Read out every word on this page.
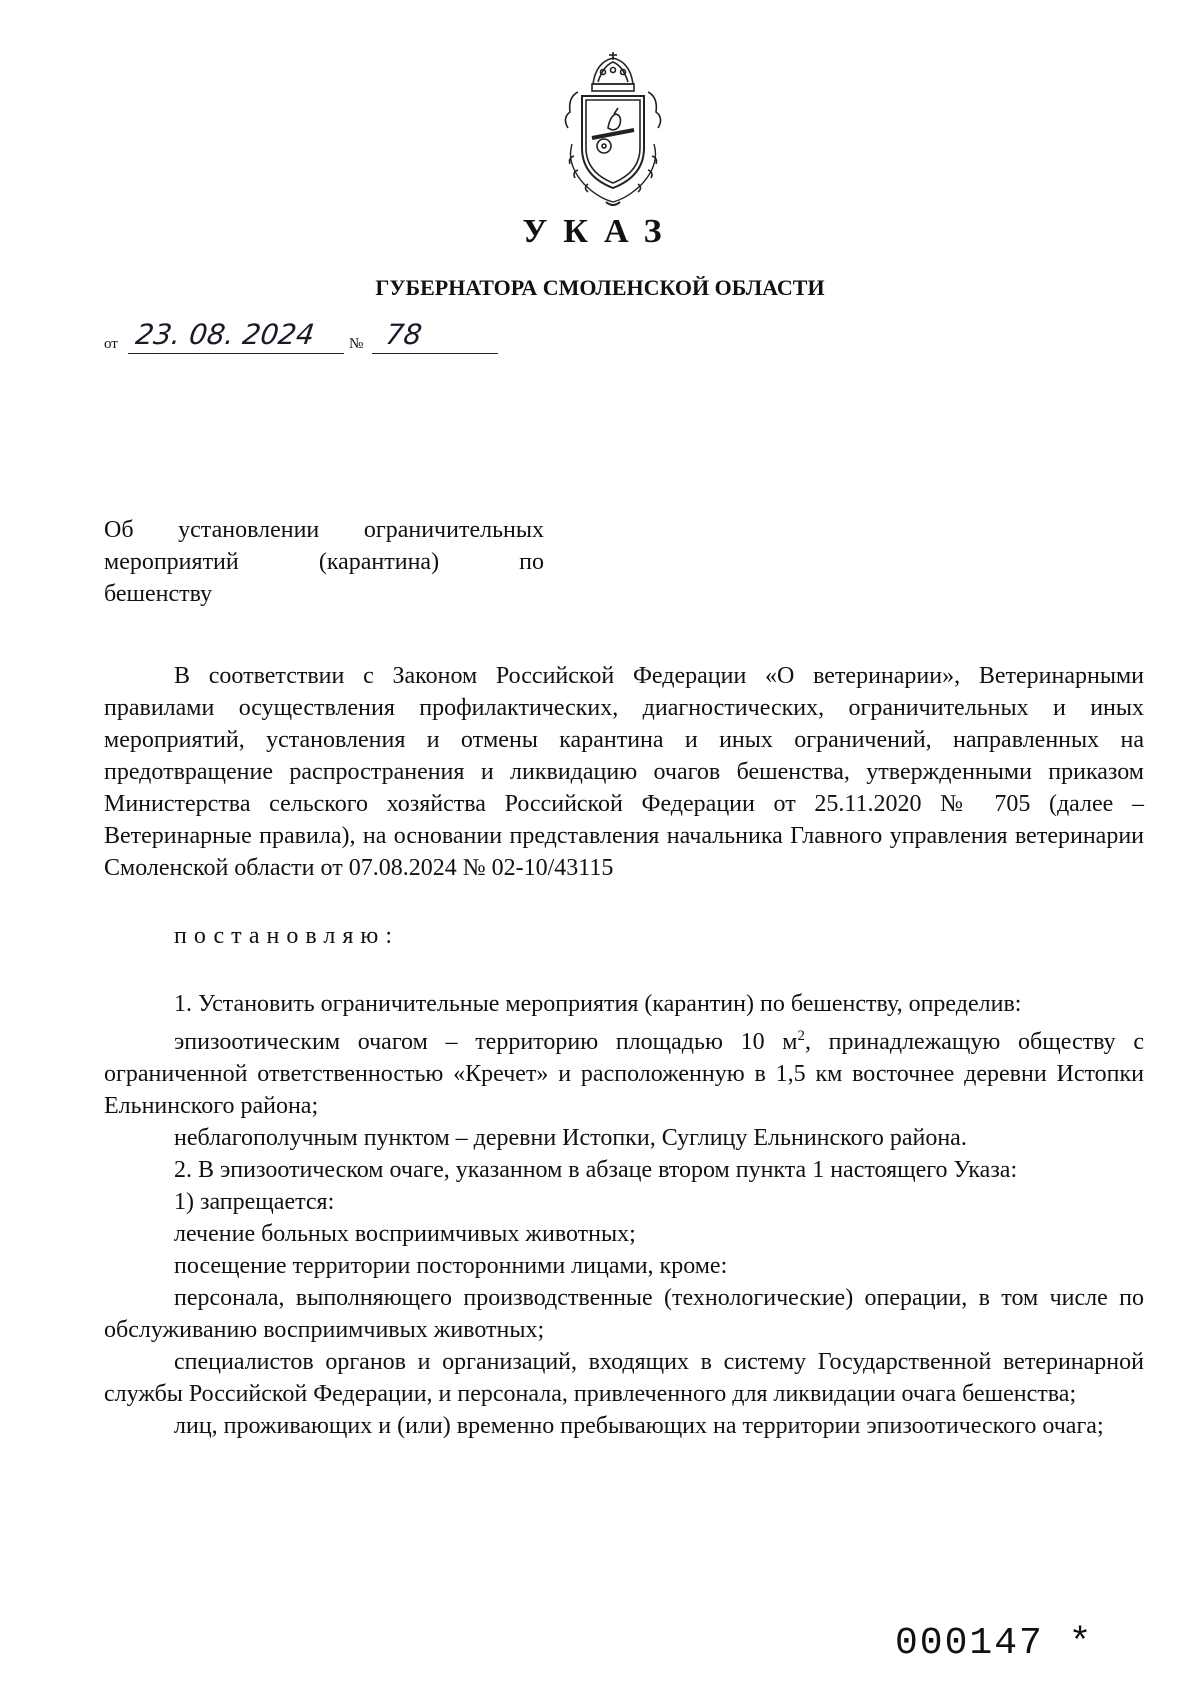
УКАЗ
ГУБЕРНАТОРА СМОЛЕНСКОЙ ОБЛАСТИ
от 23. 08. 2024 № 78
Об установлении ограничительных
мероприятий (карантина) по
бешенству

В соответствии с Законом Российской Федерации «О ветеринарии», Ветеринарными правилами осуществления профилактических, диагностических, ограничительных и иных мероприятий, установления и отмены карантина и иных ограничений, направленных на предотвращение распространения и ликвидацию очагов бешенства, утвержденными приказом Министерства сельского хозяйства Российской Федерации от 25.11.2020 № 705 (далее – Ветеринарные правила), на основании представления начальника Главного управления ветеринарии Смоленской области от 07.08.2024 № 02-10/43115

постановляю:

1. Установить ограничительные мероприятия (карантин) по бешенству, определив:

эпизоотическим очагом – территорию площадью 10 $м^2$, принадлежащую обществу с ограниченной ответственностью «Кречет» и расположенную в 1,5 км восточнее деревни Истопки Ельнинского района;

неблагополучным пунктом – деревни Истопки, Суглицу Ельнинского района.

2. В эпизоотическом очаге, указанном в абзаце втором пункта 1 настоящего Указа:

1) запрещается:

лечение больных восприимчивых животных;

посещение территории посторонними лицами, кроме:

персонала, выполняющего производственные (технологические) операции, в том числе по обслуживанию восприимчивых животных;

специалистов органов и организаций, входящих в систему Государственной ветеринарной службы Российской Федерации, и персонала, привлеченного для ликвидации очага бешенства;

лиц, проживающих и (или) временно пребывающих на территории эпизоотического очага;

000147 *
